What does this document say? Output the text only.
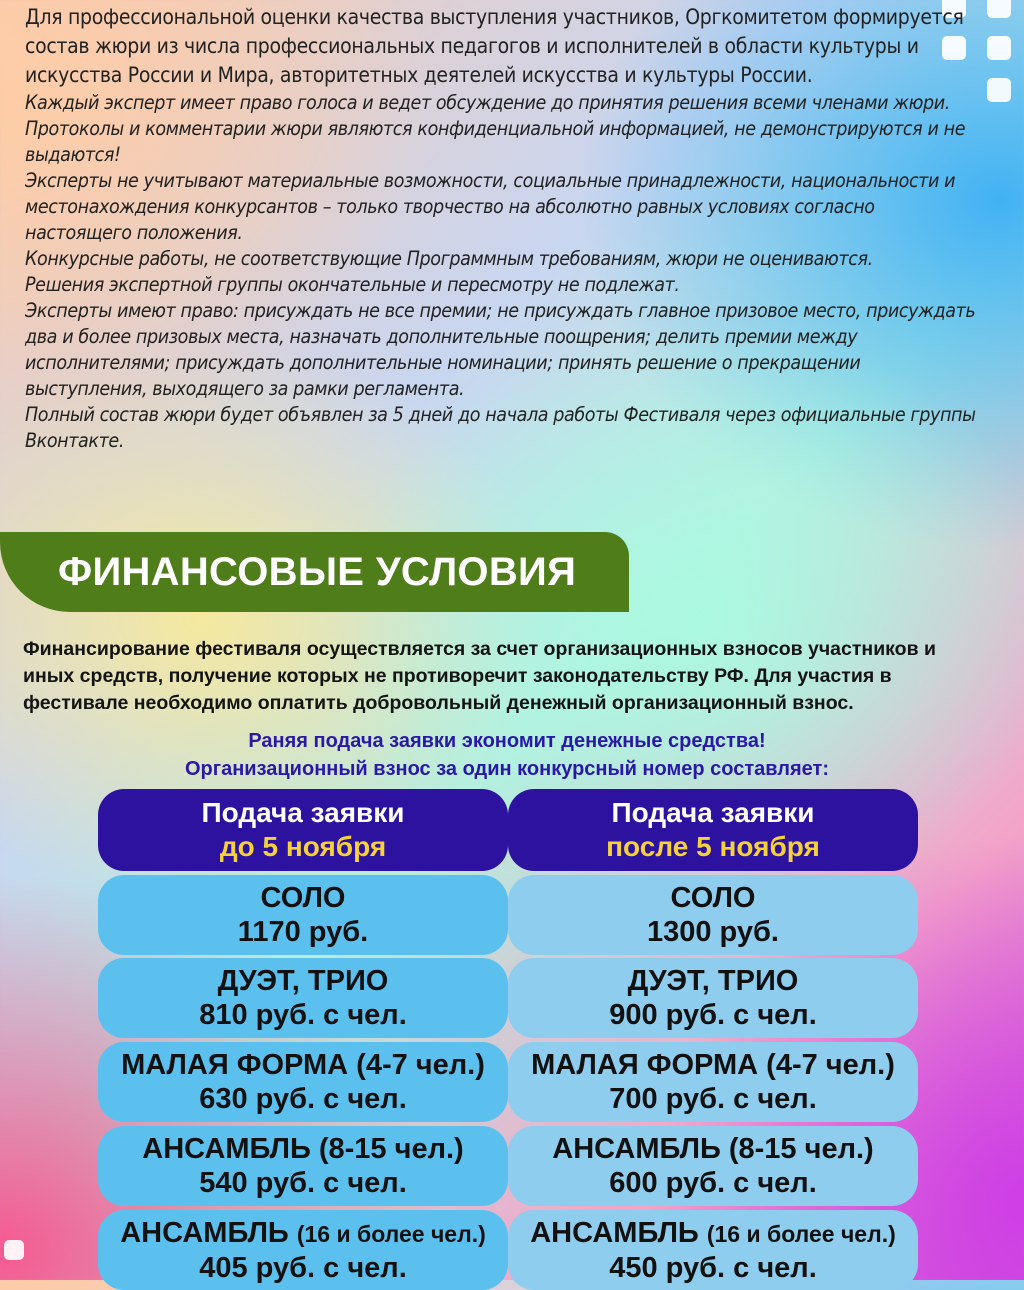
Для профессиональной оценки качества выступления участников, Оргкомитетом формируется состав жюри из числа профессиональных педагогов и исполнителей в области культуры и искусства России и Мира, авторитетных деятелей искусства и культуры России.

Каждый эксперт имеет право голоса и ведет обсуждение до принятия решения всеми членами жюри.

Протоколы и комментарии жюри являются конфиденциальной информацией, не демонстрируются и не выдаются!

Эксперты не учитывают материальные возможности, социальные принадлежности, национальности и местонахождения конкурсантов – только творчество на абсолютно равных условиях согласно настоящего положения.

Конкурсные работы, не соответствующие Программным требованиям, жюри не оцениваются.

Решения экспертной группы окончательные и пересмотру не подлежат.

Эксперты имеют право: присуждать не все премии; не присуждать главное призовое место, присуждать два и более призовых места, назначать дополнительные поощрения; делить премии между исполнителями; присуждать дополнительные номинации; принять решение о прекращении выступления, выходящего за рамки регламента.

Полный состав жюри будет объявлен за 5 дней до начала работы Фестиваля через официальные группы Вконтакте.

ФИНАНСОВЫЕ УСЛОВИЯ

Финансирование фестиваля осуществляется за счет организационных взносов участников и иных средств, получение которых не противоречит законодательству РФ. Для участия в фестивале необходимо оплатить добровольный денежный организационный взнос.

Раняя подача заявки экономит денежные средства!

Организационный взнос за один конкурсный номер составляет:

Подача заявки
до 5 ноября
Подача заявки
после 5 ноября
СОЛО
1170 руб.
СОЛО
1300 руб.
ДУЭТ, ТРИО
810 руб. с чел.
ДУЭТ, ТРИО
900 руб. с чел.
МАЛАЯ ФОРМА (4-7 чел.)
630 руб. с чел.
МАЛАЯ ФОРМА (4-7 чел.)
700 руб. с чел.
АНСАМБЛЬ (8-15 чел.)
540 руб. с чел.
АНСАМБЛЬ (8-15 чел.)
600 руб. с чел.
АНСАМБЛЬ (16 и более чел.)
405 руб. с чел.
АНСАМБЛЬ (16 и более чел.)
450 руб. с чел.
